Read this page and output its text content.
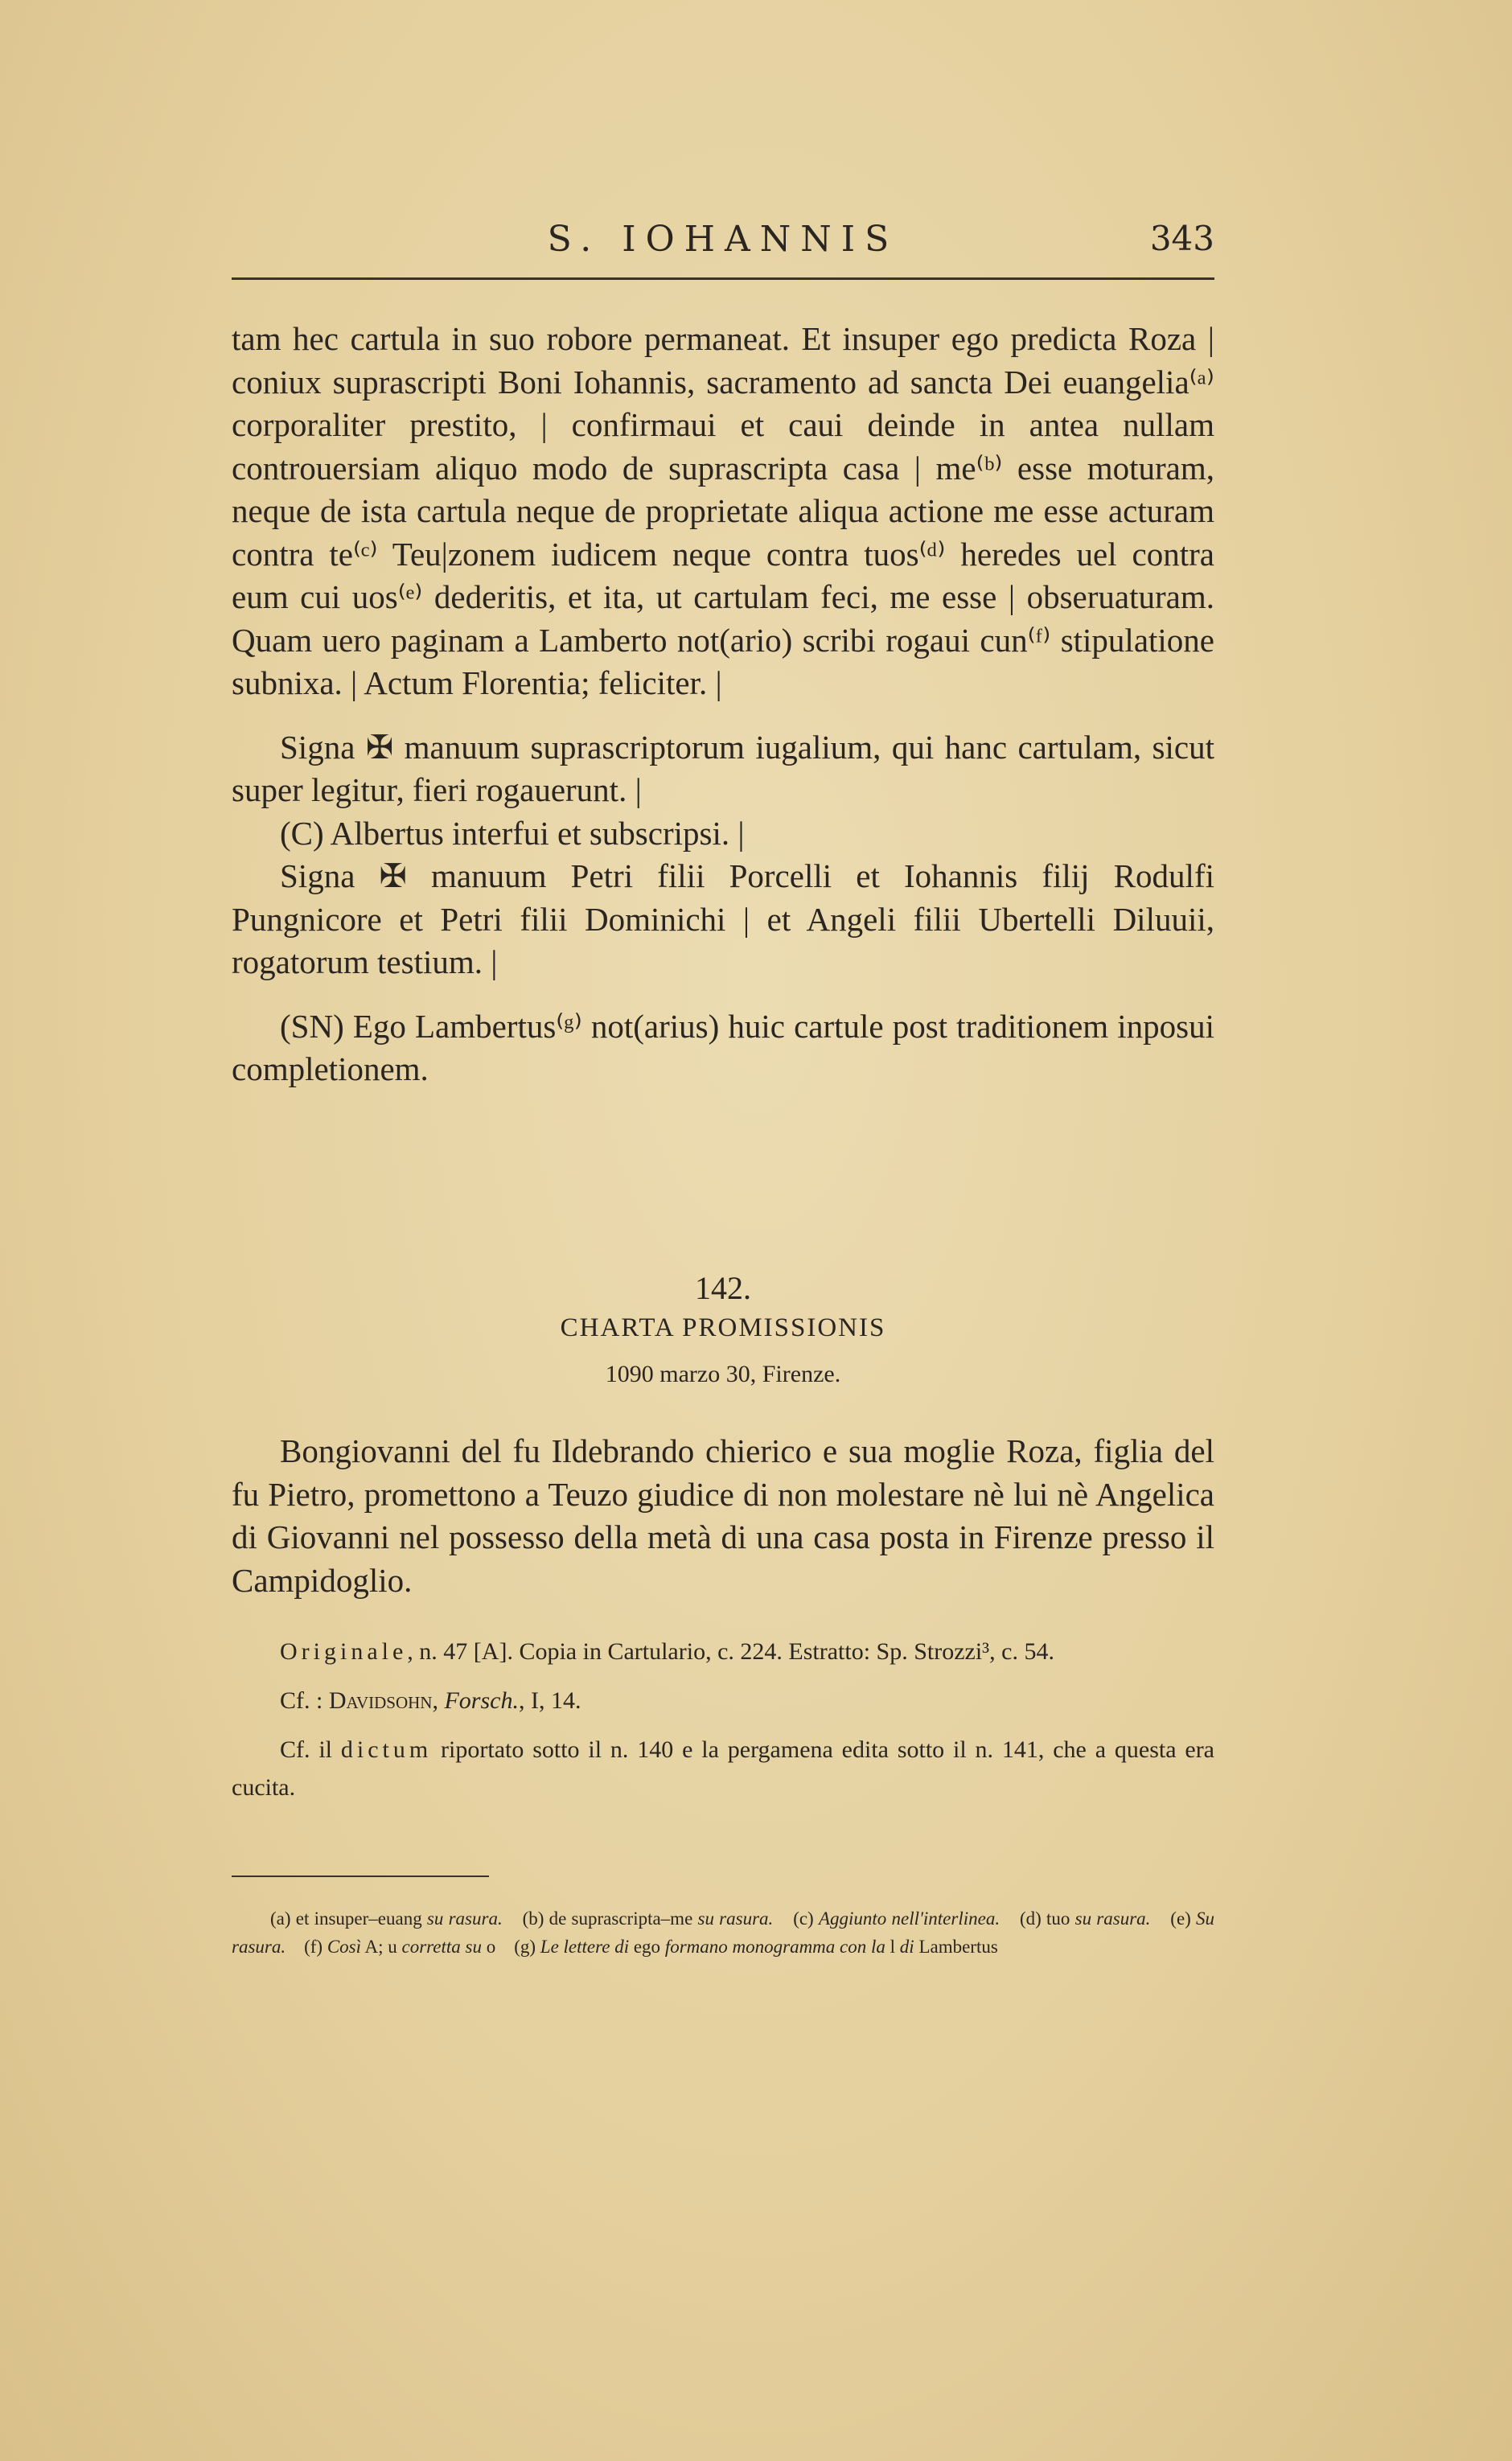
S. IOHANNIS	343

tam hec cartula in suo robore permaneat. Et insuper ego predicta Roza | coniux suprascripti Boni Iohannis, sacramento ad sancta Dei euangelia⁽ᵃ⁾ corporaliter prestito, | confirmaui et caui deinde in antea nullam controuersiam aliquo modo de suprascripta casa | me⁽ᵇ⁾ esse moturam, neque de ista cartula neque de proprietate aliqua actione me esse acturam contra te⁽ᶜ⁾ Teu|zonem iudicem neque contra tuos⁽ᵈ⁾ heredes uel contra eum cui uos⁽ᵉ⁾ dederitis, et ita, ut cartulam feci, me esse | obseruaturam. Quam uero paginam a Lamberto not(ario) scribi rogaui cun⁽ᶠ⁾ stipulatione subnixa. | Actum Florentia; feliciter. |

Signa ✠ manuum suprascriptorum iugalium, qui hanc cartulam, sicut super legitur, fieri rogauerunt. |

(C) Albertus interfui et subscripsi. |

Signa ✠ manuum Petri filii Porcelli et Iohannis filij Rodulfi Pungnicore et Petri filii Dominichi | et Angeli filii Ubertelli Diluuii, rogatorum testium. |

(SN) Ego Lambertus⁽ᵍ⁾ not(arius) huic cartule post traditionem inposui completionem.

142.
CHARTA PROMISSIONIS
1090 marzo 30, Firenze.

Bongiovanni del fu Ildebrando chierico e sua moglie Roza, figlia del fu Pietro, promettono a Teuzo giudice di non molestare nè lui nè Angelica di Giovanni nel possesso della metà di una casa posta in Firenze presso il Campidoglio.

Originale, n. 47 [A]. Copia in Cartulario, c. 224. Estratto: Sp. Strozzi³, c. 54.

Cf. : Davidsohn, Forsch., I, 14.

Cf. il dictum riportato sotto il n. 140 e la pergamena edita sotto il n. 141, che a questa era cucita.

(a) et insuper–euang su rasura. (b) de suprascripta–me su rasura. (c) Aggiunto nell'interlinea. (d) tuo su rasura. (e) Su rasura. (f) Così A; u corretta su o (g) Le lettere di ego formano monogramma con la l di Lambertus
